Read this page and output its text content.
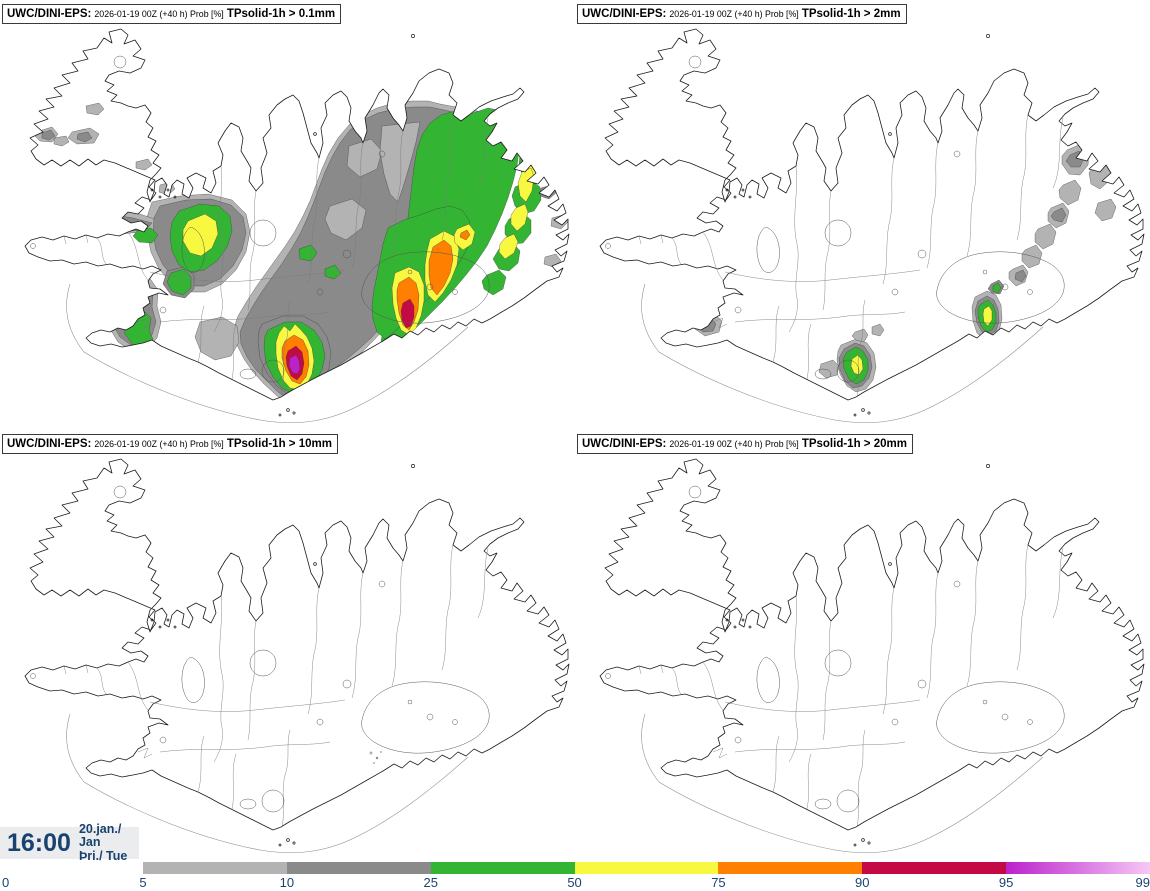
UWC/DINI-EPS: 2026-01-19 00Z (+40 h) Prob [%] TPsolid-1h > 0.1mm	UWC/DINI-EPS: 2026-01-19 00Z (+40 h) Prob [%] TPsolid-1h > 2mm
UWC/DINI-EPS: 2026-01-19 00Z (+40 h) Prob [%] TPsolid-1h > 10mm	UWC/DINI-EPS: 2026-01-19 00Z (+40 h) Prob [%] TPsolid-1h > 20mm
16:00 20.jan./ Jan
Þri./ Tue
0	5	10	25	50	75	90	95	99
